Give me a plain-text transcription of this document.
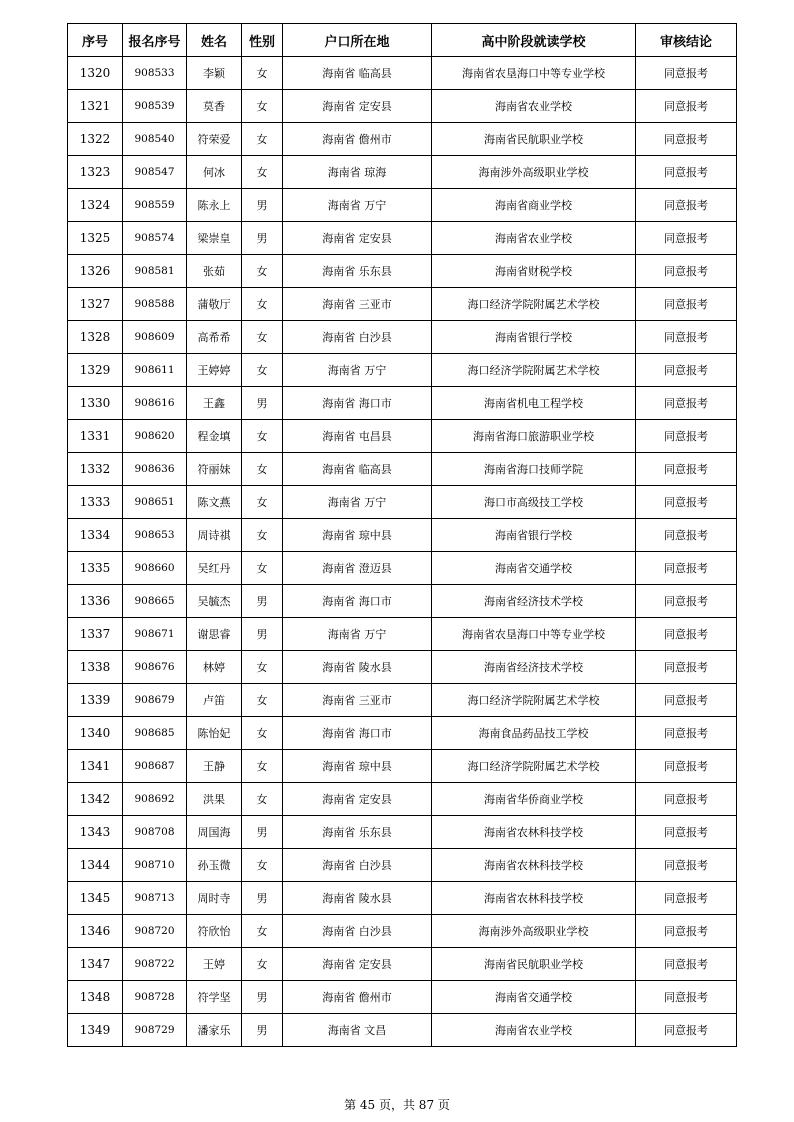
序号	报名序号	姓名	性别	户口所在地	高中阶段就读学校	审核结论
1320	908533	李颖	女	海南省 临高县	海南省农垦海口中等专业学校	同意报考
1321	908539	莫香	女	海南省 定安县	海南省农业学校	同意报考
1322	908540	符荣爱	女	海南省 儋州市	海南省民航职业学校	同意报考
1323	908547	何冰	女	海南省 琼海	海南涉外高级职业学校	同意报考
1324	908559	陈永上	男	海南省 万宁	海南省商业学校	同意报考
1325	908574	梁崇皇	男	海南省 定安县	海南省农业学校	同意报考
1326	908581	张茹	女	海南省 乐东县	海南省财税学校	同意报考
1327	908588	蒲敬厅	女	海南省 三亚市	海口经济学院附属艺术学校	同意报考
1328	908609	高希希	女	海南省 白沙县	海南省银行学校	同意报考
1329	908611	王婷婷	女	海南省 万宁	海口经济学院附属艺术学校	同意报考
1330	908616	王鑫	男	海南省 海口市	海南省机电工程学校	同意报考
1331	908620	程金填	女	海南省 屯昌县	海南省海口旅游职业学校	同意报考
1332	908636	符丽妹	女	海南省 临高县	海南省海口技师学院	同意报考
1333	908651	陈文燕	女	海南省 万宁	海口市高级技工学校	同意报考
1334	908653	周诗祺	女	海南省 琼中县	海南省银行学校	同意报考
1335	908660	吴红丹	女	海南省 澄迈县	海南省交通学校	同意报考
1336	908665	吴毓杰	男	海南省 海口市	海南省经济技术学校	同意报考
1337	908671	谢思睿	男	海南省 万宁	海南省农垦海口中等专业学校	同意报考
1338	908676	林婷	女	海南省 陵水县	海南省经济技术学校	同意报考
1339	908679	卢笛	女	海南省 三亚市	海口经济学院附属艺术学校	同意报考
1340	908685	陈怡妃	女	海南省 海口市	海南食品药品技工学校	同意报考
1341	908687	王静	女	海南省 琼中县	海口经济学院附属艺术学校	同意报考
1342	908692	洪果	女	海南省 定安县	海南省华侨商业学校	同意报考
1343	908708	周国海	男	海南省 乐东县	海南省农林科技学校	同意报考
1344	908710	孙玉微	女	海南省 白沙县	海南省农林科技学校	同意报考
1345	908713	周时寺	男	海南省 陵水县	海南省农林科技学校	同意报考
1346	908720	符欣怡	女	海南省 白沙县	海南涉外高级职业学校	同意报考
1347	908722	王婷	女	海南省 定安县	海南省民航职业学校	同意报考
1348	908728	符学坚	男	海南省 儋州市	海南省交通学校	同意报考
1349	908729	潘家乐	男	海南省 文昌	海南省农业学校	同意报考
第 45 页，共 87 页
